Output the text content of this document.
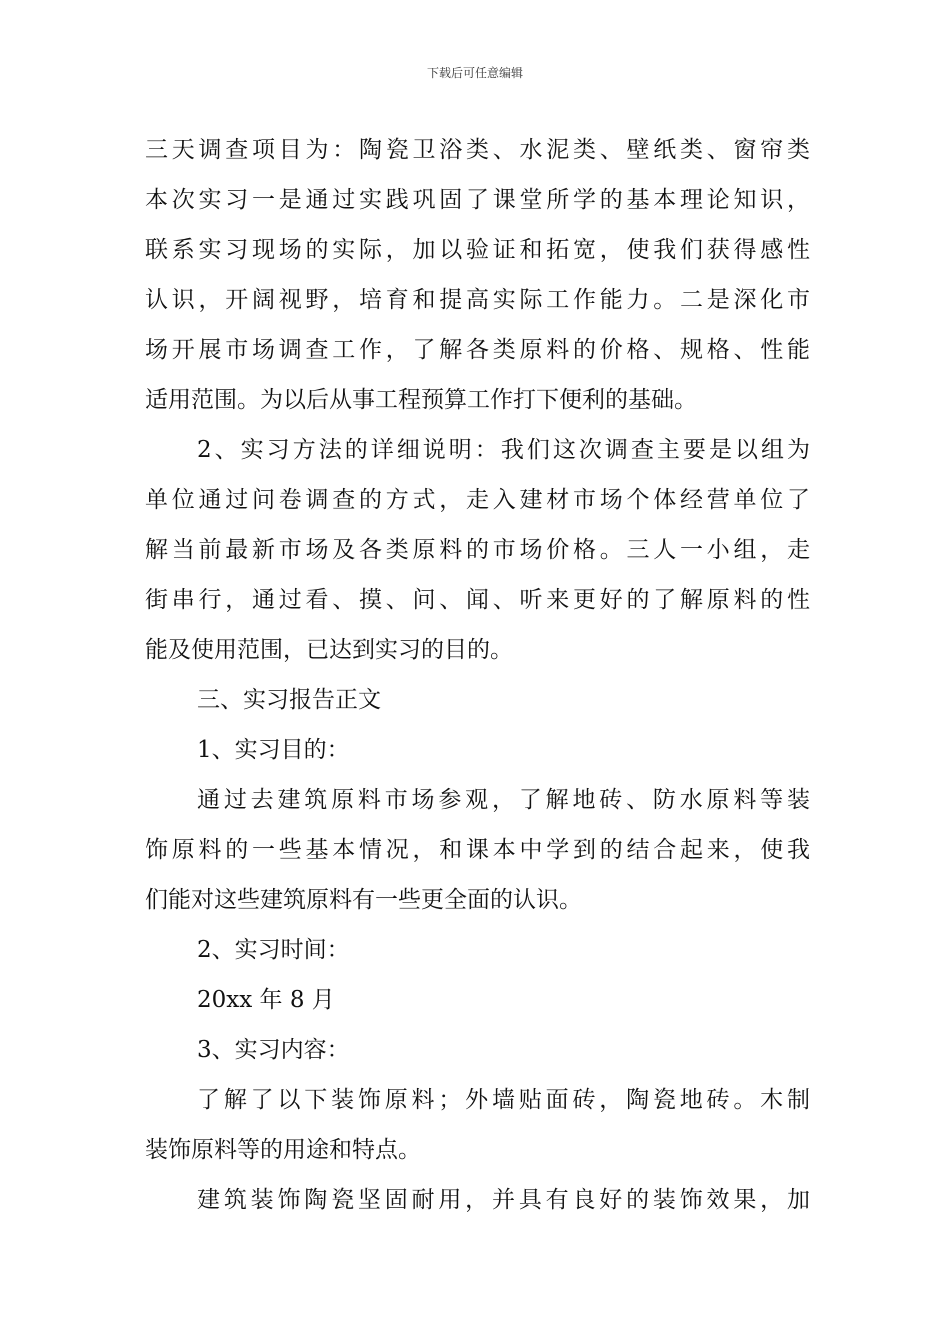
下载后可任意编辑
三天调查项目为：陶瓷卫浴类、水泥类、壁纸类、窗帘类
本次实习一是通过实践巩固了课堂所学的基本理论知识，
联系实习现场的实际，加以验证和拓宽，使我们获得感性
认识，开阔视野，培育和提高实际工作能力。二是深化市
场开展市场调查工作，了解各类原料的价格、规格、性能
适用范围。为以后从事工程预算工作打下便利的基础。
2、实习方法的详细说明：我们这次调查主要是以组为
单位通过问卷调查的方式，走入建材市场个体经营单位了
解当前最新市场及各类原料的市场价格。三人一小组，走
街串行，通过看、摸、问、闻、听来更好的了解原料的性
能及使用范围，已达到实习的目的。
三、实习报告正文
1、实习目的：
通过去建筑原料市场参观，了解地砖、防水原料等装
饰原料的一些基本情况，和课本中学到的结合起来，使我
们能对这些建筑原料有一些更全面的认识。
2、实习时间：
20xx 年 8 月
3、实习内容：
了解了以下装饰原料；外墙贴面砖，陶瓷地砖。木制
装饰原料等的用途和特点。
建筑装饰陶瓷坚固耐用，并具有良好的装饰效果，加
